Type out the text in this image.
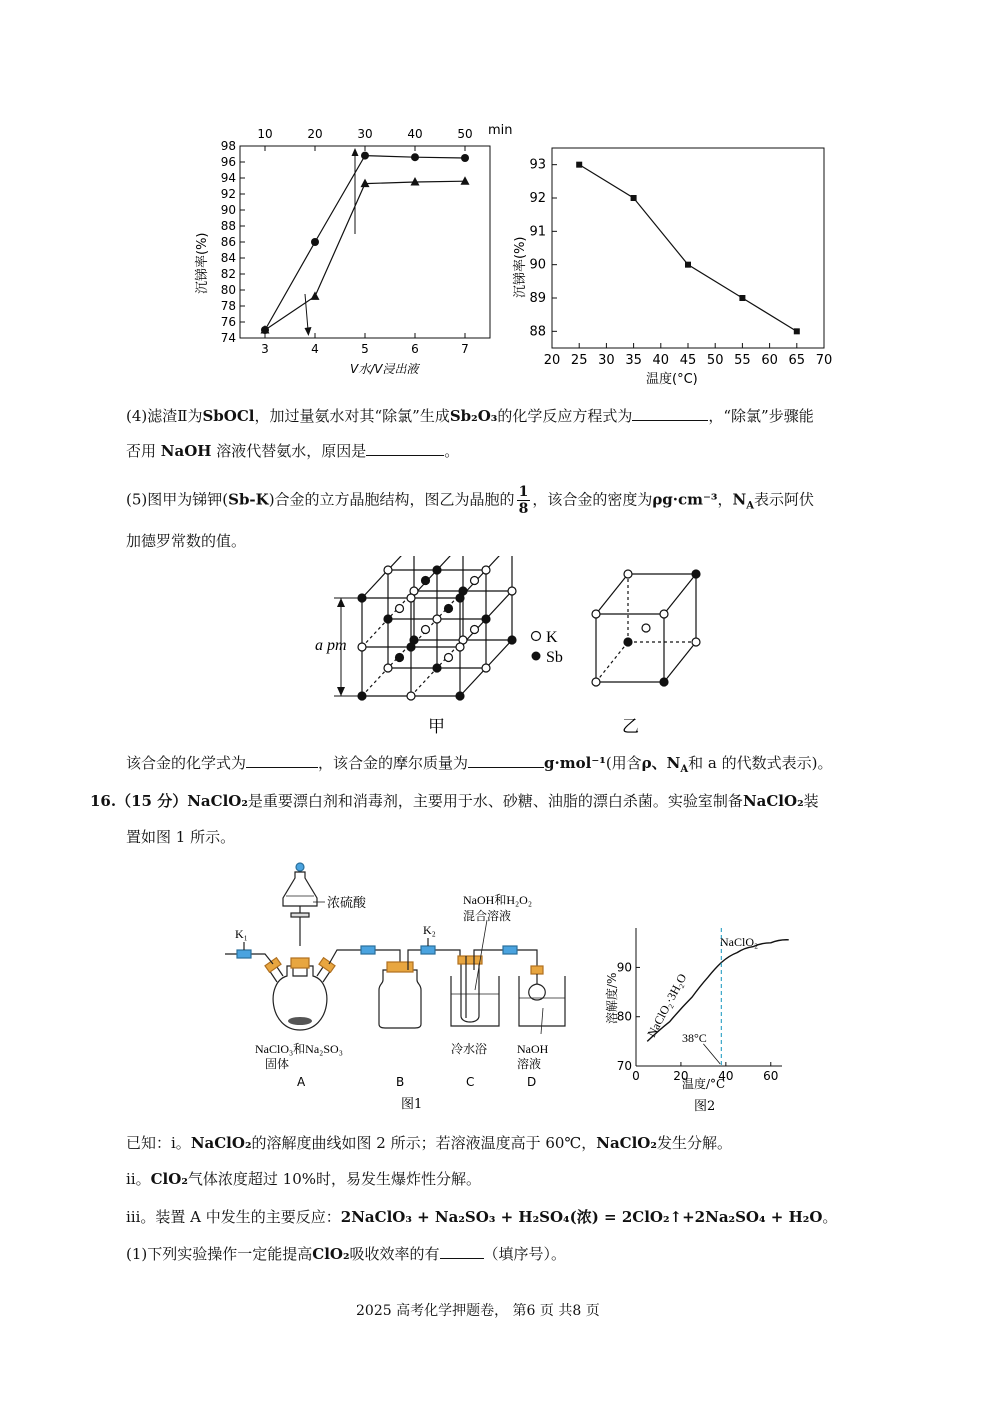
74
76
78
80
82
84
86
88
90
92
94
96
98
3	4	5	6	7
10	20	30	40	50 min
沉锑率(%)
V水/V浸出液
88
89
90
91
92
93
20 25 30 35 40 45 50 55 60 65 70
沉锑率(%)
温度(°C)
(4)滤渣Ⅱ为SbOCl，加过量氨水对其“除氯”生成Sb₂O₃的化学反应方程式为	，“除氯”步骤能
否用 NaOH 溶液代替氨水，原因是	。
(5)图甲为锑钾(Sb-K)合金的立方晶胞结构，图乙为晶胞的 $\frac{1}{8}$ ，该合金的密度为ρg·cm⁻³，$N_A$表示阿伏
加德罗常数的值。
a pm	K
Sb
甲	乙
该合金的化学式为	，该合金的摩尔质量为	g·mol⁻¹(用含ρ、$N_A$和 a 的代数式表示)。
16.（15 分）NaClO₂是重要漂白剂和消毒剂，主要用于水、砂糖、油脂的漂白杀菌。实验室制备NaClO₂装
置如图 1 所示。
浓硫酸	NaOH和H₂O₂
混合溶液
K₁	K₂
NaClO₃和Na₂SO₃
固体
冷水浴 NaOH
溶液
A	B	C	D
图1
70
80
90
0	20 40 60
溶解度/%
温度/°C
图2
NaClO₂·3H₂O
NaClO₂
38°C
已知：ⅰ。NaClO₂的溶解度曲线如图 2 所示；若溶液温度高于 60℃，NaClO₂发生分解。
ⅱ。ClO₂气体浓度超过 10%时，易发生爆炸性分解。
ⅲ。装置 A 中发生的主要反应：2NaClO₃ + Na₂SO₃ + H₂SO₄(浓) = 2ClO₂↑+2Na₂SO₄ + H₂O。
(1)下列实验操作一定能提高ClO₂吸收效率的有	（填序号）。
2025 高考化学押题卷， 第6 页 共8 页
